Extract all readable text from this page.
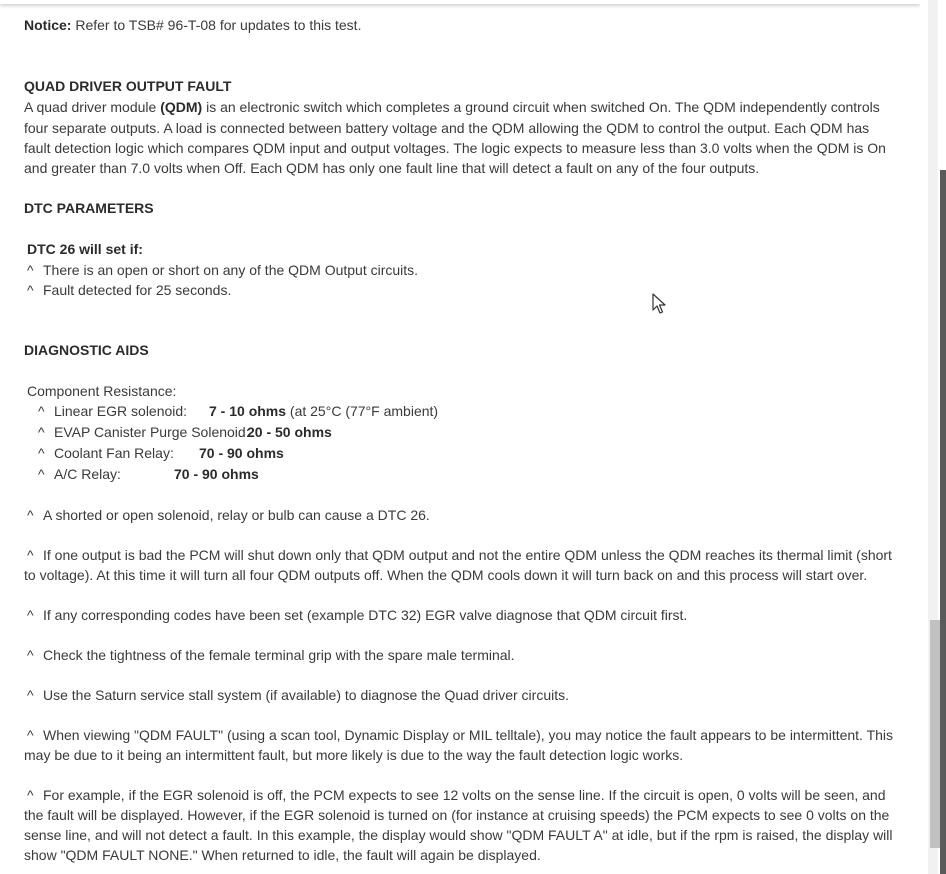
Notice: Refer to TSB# 96-T-08 for updates to this test.
QUAD DRIVER OUTPUT FAULT
A quad driver module (QDM) is an electronic switch which completes a ground circuit when switched On. The QDM independently controls
four separate outputs. A load is connected between battery voltage and the QDM allowing the QDM to control the output. Each QDM has
fault detection logic which compares QDM input and output voltages. The logic expects to measure less than 3.0 volts when the QDM is On
and greater than 7.0 volts when Off. Each QDM has only one fault line that will detect a fault on any of the four outputs.
DTC PARAMETERS
DTC 26 will set if:
^ There is an open or short on any of the QDM Output circuits.
^ Fault detected for 25 seconds.
DIAGNOSTIC AIDS
Component Resistance:
^ Linear EGR solenoid: 7 - 10 ohms (at 25°C (77°F ambient)
^ EVAP Canister Purge Solenoid:
20 - 50 ohms
^ Coolant Fan Relay: 70 - 90 ohms
^ A/C Relay:	70 - 90 ohms
^ A shorted or open solenoid, relay or bulb can cause a DTC 26.
^ If one output is bad the PCM will shut down only that QDM output and not the entire QDM unless the QDM reaches its thermal limit (short
to voltage). At this time it will turn all four QDM outputs off. When the QDM cools down it will turn back on and this process will start over.
^ If any corresponding codes have been set (example DTC 32) EGR valve diagnose that QDM circuit first.
^ Check the tightness of the female terminal grip with the spare male terminal.
^ Use the Saturn service stall system (if available) to diagnose the Quad driver circuits.
^ When viewing "QDM FAULT" (using a scan tool, Dynamic Display or MIL telltale), you may notice the fault appears to be intermittent. This
may be due to it being an intermittent fault, but more likely is due to the way the fault detection logic works.
^ For example, if the EGR solenoid is off, the PCM expects to see 12 volts on the sense line. If the circuit is open, 0 volts will be seen, and
the fault will be displayed. However, if the EGR solenoid is turned on (for instance at cruising speeds) the PCM expects to see 0 volts on the
sense line, and will not detect a fault. In this example, the display would show "QDM FAULT A" at idle, but if the rpm is raised, the display will
show "QDM FAULT NONE." When returned to idle, the fault will again be displayed.
